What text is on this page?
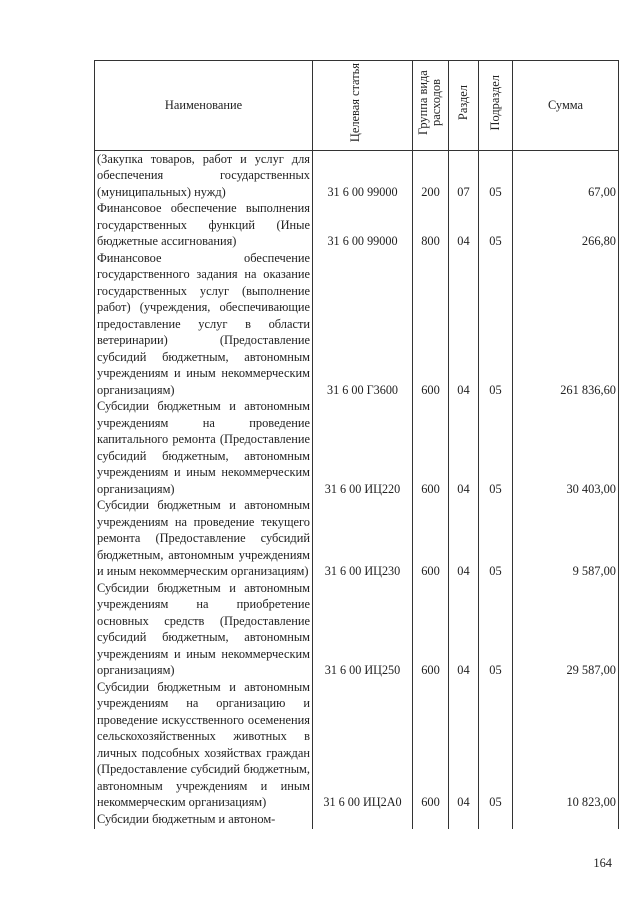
Наименование	Целевая статья	Группа вида расходов	Раздел	Подраздел	Сумма
(Закупка товаров, работ и услуг для обеспечения государственных (муниципальных) нужд)	31 6 00 99000	200	07	05	67,00
Финансовое обеспечение выполнения государственных функций (Иные бюджетные ассигнования)	31 6 00 99000	800	04	05	266,80
Финансовое обеспечение государственного задания на оказание государственных услуг (выполнение работ) (учреждения, обеспечивающие предоставление услуг в области ветеринарии) (Предоставление субсидий бюджетным, автономным учреждениям и иным некоммерческим организациям)	31 6 00 Г3600	600	04	05	261 836,60
Субсидии бюджетным и автономным учреждениям на проведение капитального ремонта (Предоставление субсидий бюджетным, автономным учреждениям и иным некоммерческим организациям)	31 6 00 ИЦ220	600	04	05	30 403,00
Субсидии бюджетным и автономным учреждениям на проведение текущего ремонта (Предоставление субсидий бюджетным, автономным учреждениям и иным некоммерческим организациям)	31 6 00 ИЦ230	600	04	05	9 587,00
Субсидии бюджетным и автономным учреждениям на приобретение основных средств (Предоставление субсидий бюджетным, автономным учреждениям и иным некоммерческим организациям)	31 6 00 ИЦ250	600	04	05	29 587,00
Субсидии бюджетным и автономным учреждениям на организацию и проведение искусственного осеменения сельскохозяйственных животных в личных подсобных хозяйствах граждан (Предоставление субсидий бюджетным, автономным учреждениям и иным некоммерческим организациям)	31 6 00 ИЦ2А0	600	04	05	10 823,00
Субсидии бюджетным и автоном-					
164
